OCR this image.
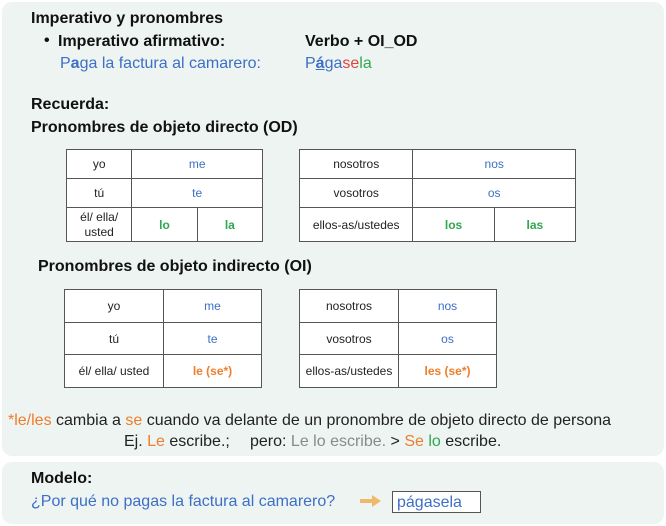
Imperativo y pronombres
• Imperativo afirmativo:	Verbo + OI_OD
Paga la factura al camarero:	Págasela
Recuerda:
Pronombres de objeto directo (OD)
yo	me	
tú	te	
él/ ella/ usted	lo	la
nosotros	nos	
vosotros	os	
ellos-as/ustedes	los	las
Pronombres de objeto indirecto (OI)
yo	me
tú	te
él/ ella/ usted	le (se*)
nosotros	nos
vosotros	os
ellos-as/ustedes	les (se*)
*le/les cambia a se cuando va delante de un pronombre de objeto directo de persona
Ej. Le escribe.; pero: Le lo escribe. > Se lo escribe.
Modelo:
¿Por qué no pagas la factura al camarero?	págasela
